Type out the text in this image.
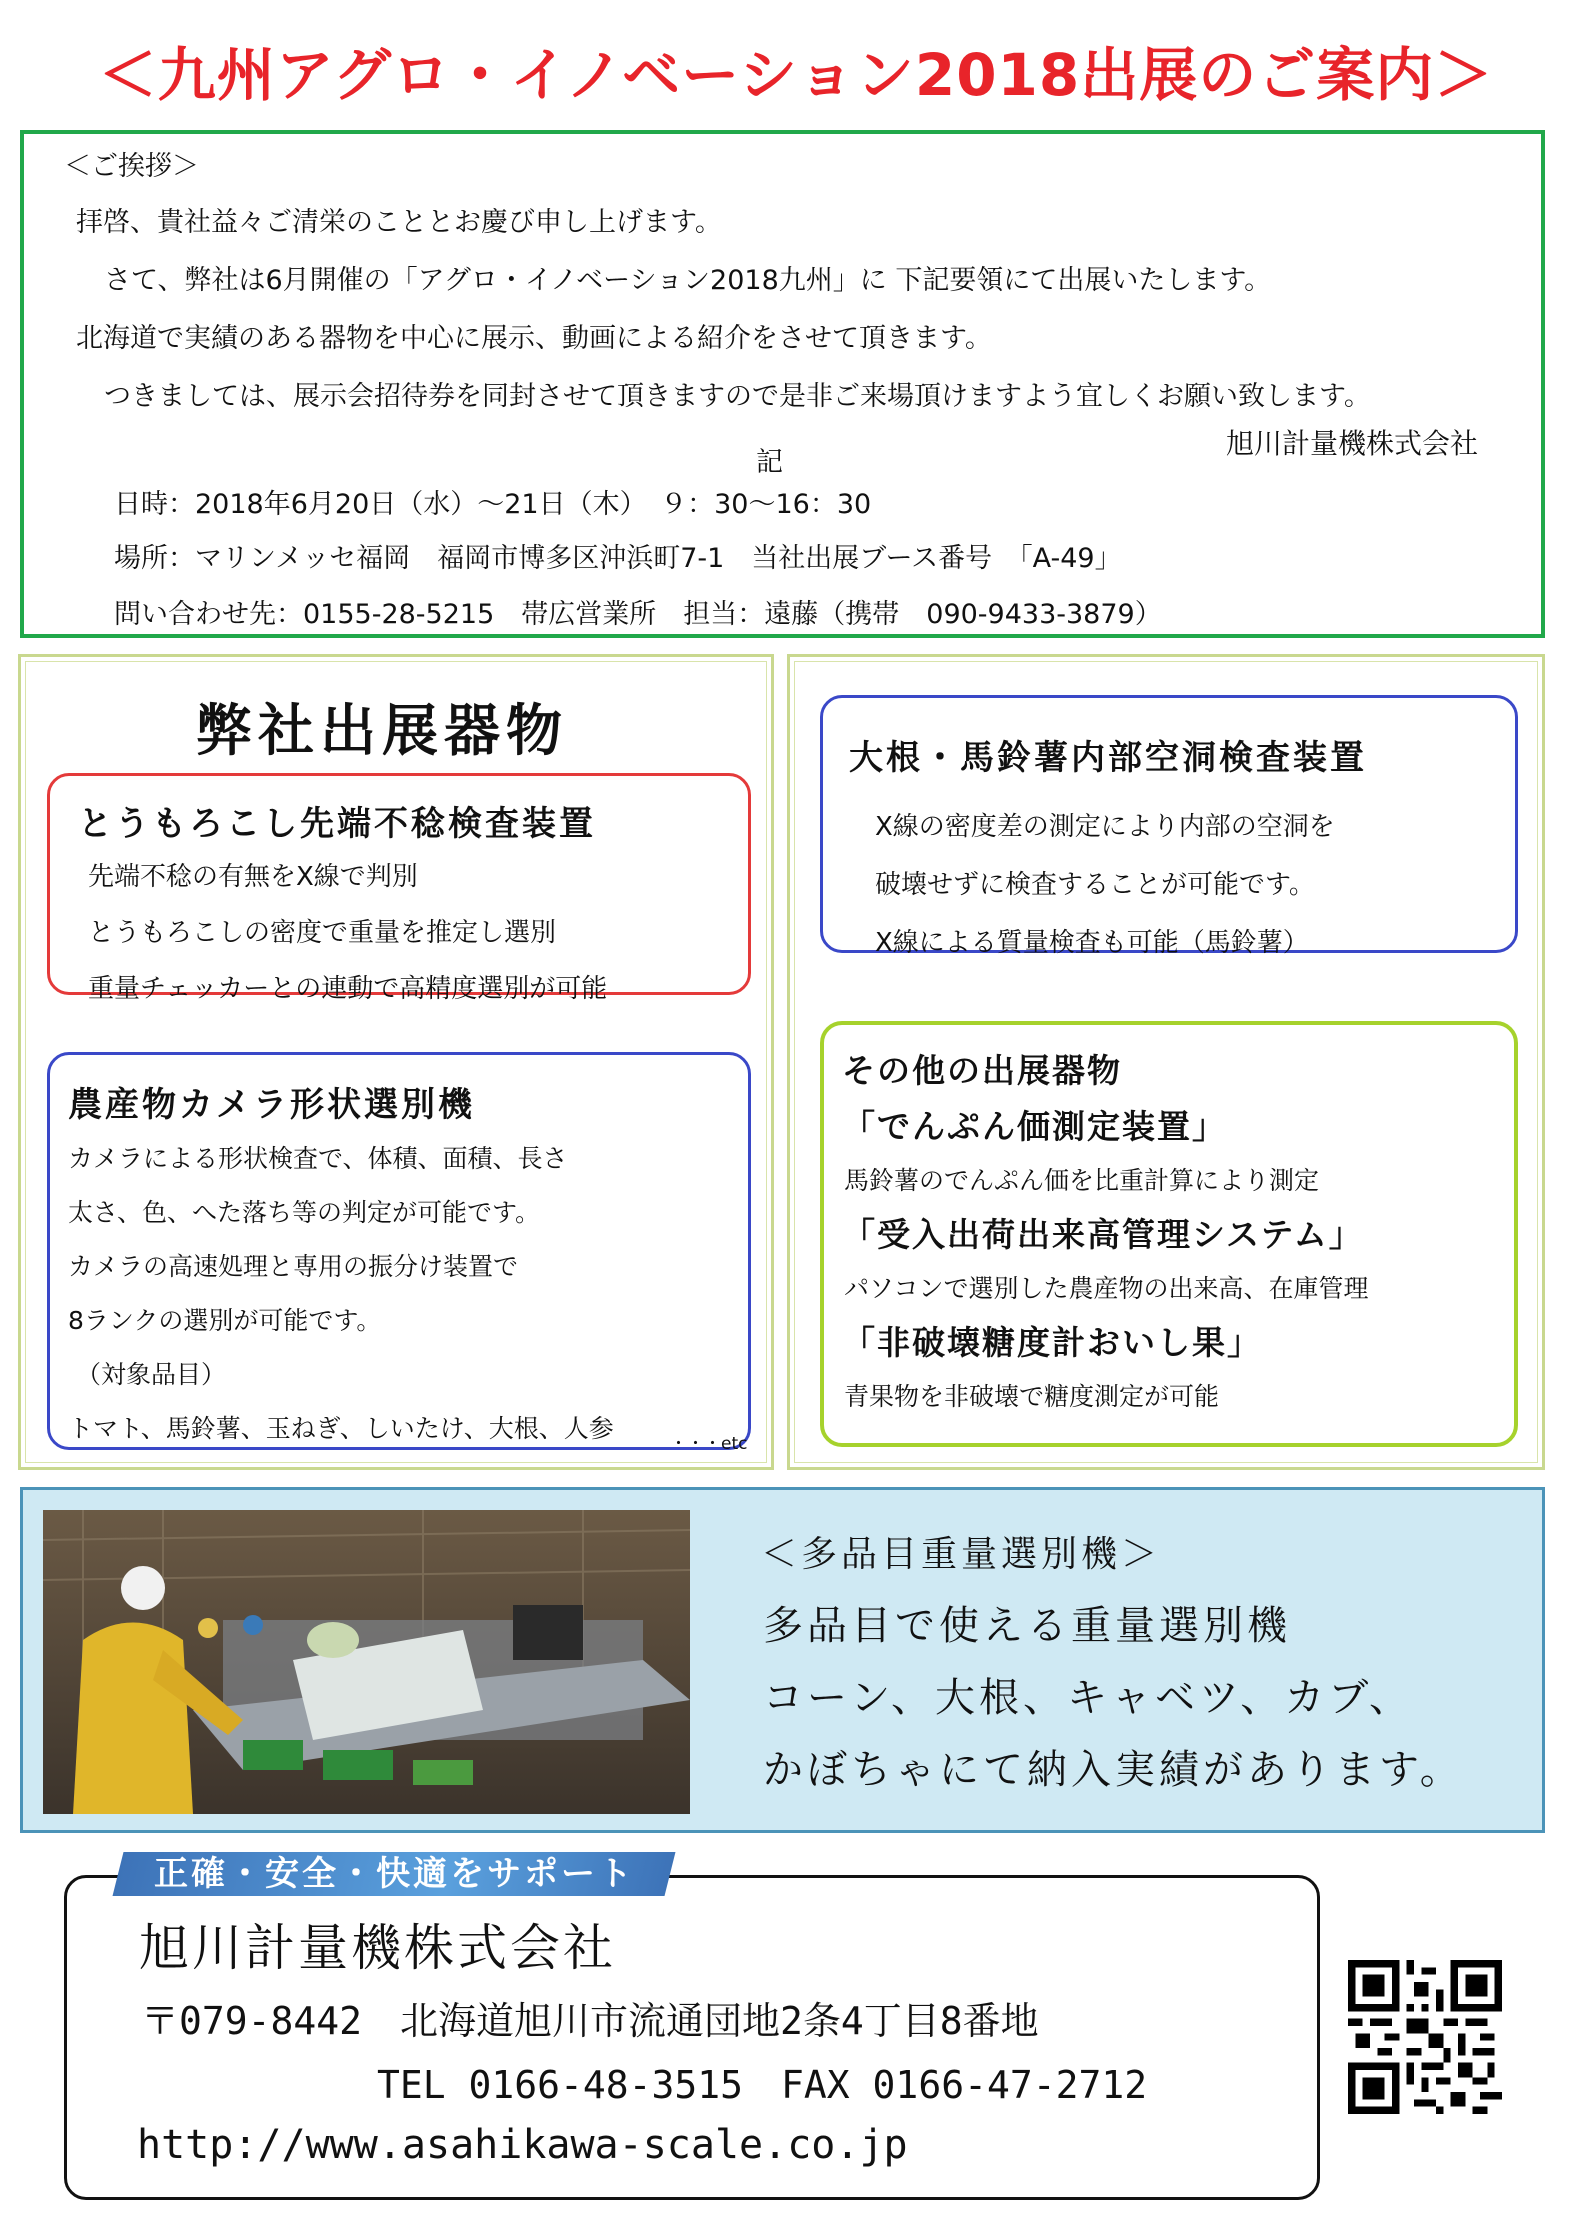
＜九州アグロ・イノベーション2018出展のご案内＞
＜ご挨拶＞
拝啓、貴社益々ご清栄のこととお慶び申し上げます。
さて、弊社は6月開催の「アグロ・イノベーション2018九州」に 下記要領にて出展いたします。
北海道で実績のある器物を中心に展示、動画による紹介をさせて頂きます。
つきましては、展示会招待券を同封させて頂きますので是非ご来場頂けますよう宜しくお願い致します。
旭川計量機株式会社
記
日時：2018年6月20日（水）～21日（木）　９：30～16：30
場所：マリンメッセ福岡　福岡市博多区沖浜町7-1　当社出展ブース番号　「A-49」
問い合わせ先：0155-28-5215　帯広営業所　担当：遠藤（携帯　090-9433-3879）
弊社出展器物
とうもろこし先端不稔検査装置
先端不稔の有無をX線で判別
とうもろこしの密度で重量を推定し選別
重量チェッカーとの連動で高精度選別が可能
農産物カメラ形状選別機
カメラによる形状検査で、体積、面積、長さ
太さ、色、へた落ち等の判定が可能です。
カメラの高速処理と専用の振分け装置で
8ランクの選別が可能です。
（対象品目）
トマト、馬鈴薯、玉ねぎ、しいたけ、大根、人参
・・・etc
大根・馬鈴薯内部空洞検査装置
X線の密度差の測定により内部の空洞を
破壊せずに検査することが可能です。
X線による質量検査も可能（馬鈴薯）
その他の出展器物
「でんぷん価測定装置」
馬鈴薯のでんぷん価を比重計算により測定
「受入出荷出来高管理システム」
パソコンで選別した農産物の出来高、在庫管理
「非破壊糖度計おいし果」
青果物を非破壊で糖度測定が可能
＜多品目重量選別機＞
多品目で使える重量選別機
コーン、大根、キャベツ、カブ、
かぼちゃにて納入実績があります。
旭川計量機株式会社
〒079-8442　北海道旭川市流通団地2条4丁目8番地
TEL 0166-48-3515　FAX 0166-47-2712
http://www.asahikawa-scale.co.jp
正確・安全・快適をサポート
